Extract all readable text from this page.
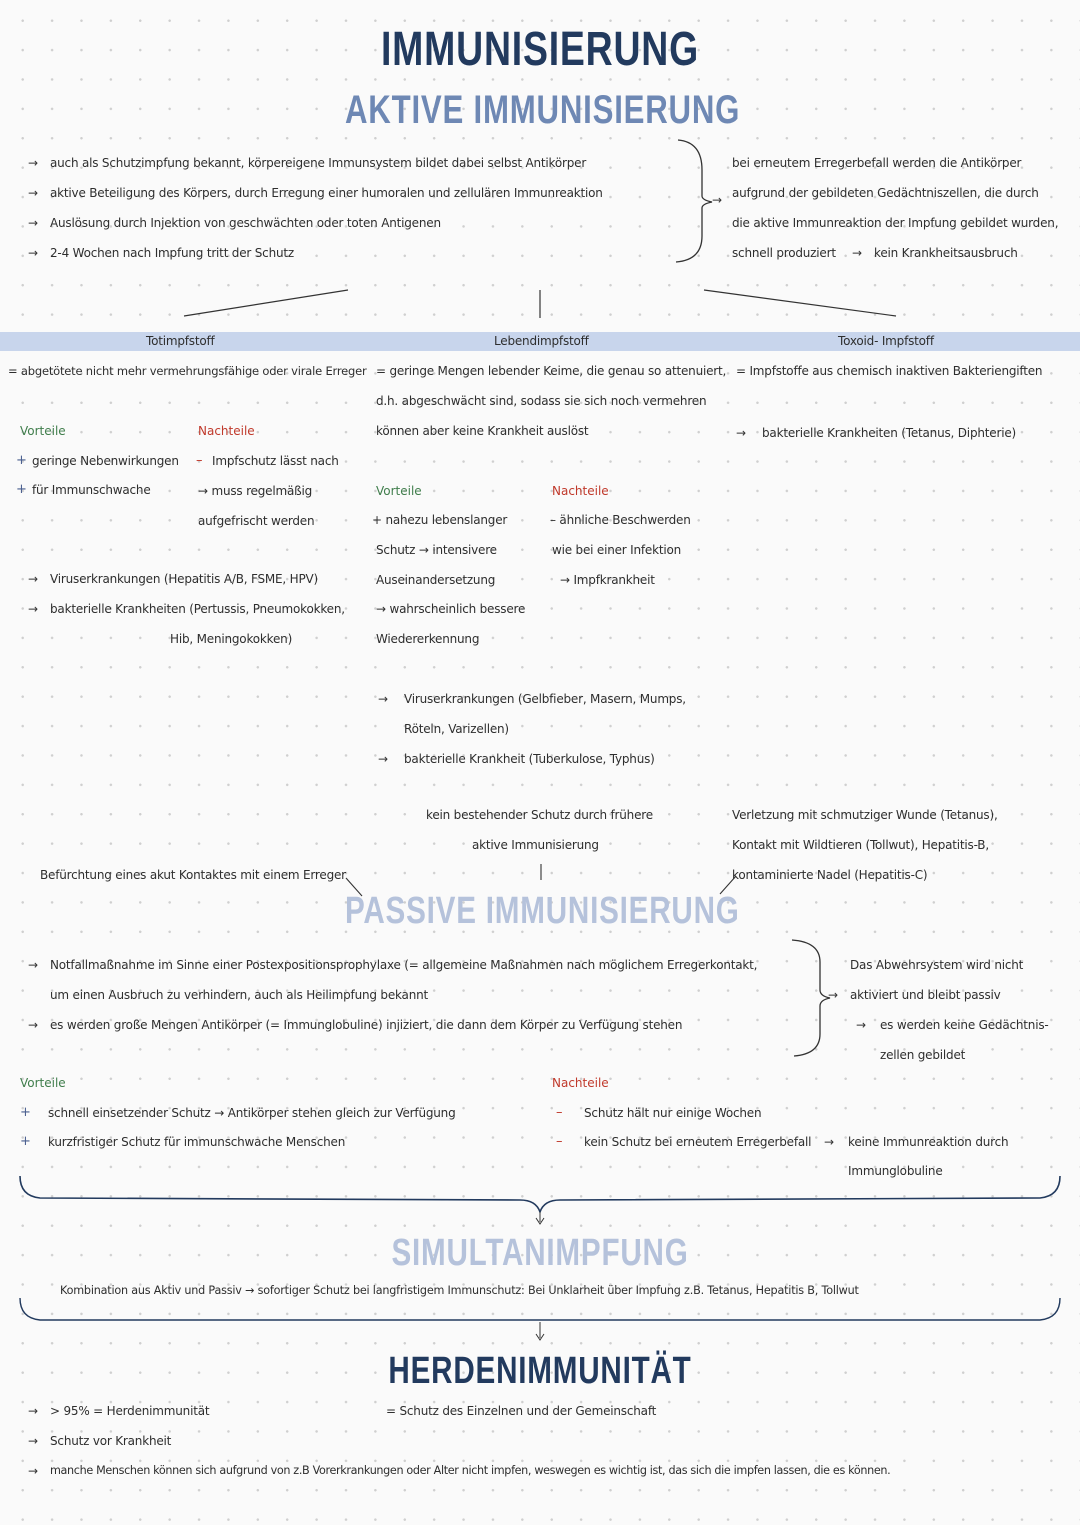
IMMUNISIERUNG
AKTIVE IMMUNISIERUNG
→ auch als Schutzimpfung bekannt, körpereigene Immunsystem bildet dabei selbst Antikörper
→ aktive Beteiligung des Körpers, durch Erregung einer humoralen und zellulären Immunreaktion
→ Auslösung durch Injektion von geschwächten oder toten Antigenen
→ 2-4 Wochen nach Impfung tritt der Schutz
→
bei erneutem Erregerbefall werden die Antikörper
aufgrund der gebildeten Gedächtniszellen, die durch
die aktive Immunreaktion der Impfung gebildet wurden,
schnell produziert → kein Krankheitsausbruch
Totimpfstoff	Lebendimpfstoff	Toxoid- Impfstoff
= abgetötete nicht mehr vermehrungsfähige oder virale Erreger
Vorteile	Nachteile
+ geringe Nebenwirkungen
+ für Immunschwache
– Impfschutz lässt nach
→ muss regelmäßig
aufgefrischt werden
→ Viruserkrankungen (Hepatitis A/B, FSME, HPV)
→ bakterielle Krankheiten (Pertussis, Pneumokokken,
Hib, Meningokokken)
= geringe Mengen lebender Keime, die genau so attenuiert,
d.h. abgeschwächt sind, sodass sie sich noch vermehren
können aber keine Krankheit auslöst
Vorteile	Nachteile
+ nahezu lebenslanger
Schutz → intensivere
Auseinandersetzung
→ wahrscheinlich bessere
Wiedererkennung
– ähnliche Beschwerden
wie bei einer Infektion
→ Impfkrankheit
→ Viruserkrankungen (Gelbfieber, Masern, Mumps,
Röteln, Varizellen)
→ bakterielle Krankheit (Tuberkulose, Typhus)
= Impfstoffe aus chemisch inaktiven Bakteriengiften
→ bakterielle Krankheiten (Tetanus, Diphterie)
kein bestehender Schutz durch frühere
aktive Immunisierung
Befürchtung eines akut Kontaktes mit einem Erreger
Verletzung mit schmutziger Wunde (Tetanus),
Kontakt mit Wildtieren (Tollwut), Hepatitis-B,
kontaminierte Nadel (Hepatitis-C)
PASSIVE IMMUNISIERUNG
→ Notfallmaßnahme im Sinne einer Postexpositionsprophylaxe (= allgemeine Maßnahmen nach möglichem Erregerkontakt,
um einen Ausbruch zu verhindern, auch als Heilimpfung bekannt
→ es werden große Mengen Antikörper (= Immunglobuline) injiziert, die dann dem Körper zu Verfügung stehen
→
Das Abwehrsystem wird nicht
aktiviert und bleibt passiv
→ es werden keine Gedächtnis-
zellen gebildet
Vorteile	Nachteile
+ schnell einsetzender Schutz → Antikörper stehen gleich zur Verfügung
+ kurzfristiger Schutz für immunschwache Menschen
– Schutz hält nur einige Wochen
– kein Schutz bei erneutem Erregerbefall → keine Immunreaktion durch
Immunglobuline
SIMULTANIMPFUNG
Kombination aus Aktiv und Passiv → sofortiger Schutz bei langfristigem Immunschutz: Bei Unklarheit über Impfung z.B. Tetanus, Hepatitis B, Tollwut
HERDENIMMUNITÄT
→ > 95% = Herdenimmunität	= Schutz des Einzelnen und der Gemeinschaft
→ Schutz vor Krankheit
→ manche Menschen können sich aufgrund von z.B Vorerkrankungen oder Alter nicht impfen, weswegen es wichtig ist, das sich die impfen lassen, die es können.
